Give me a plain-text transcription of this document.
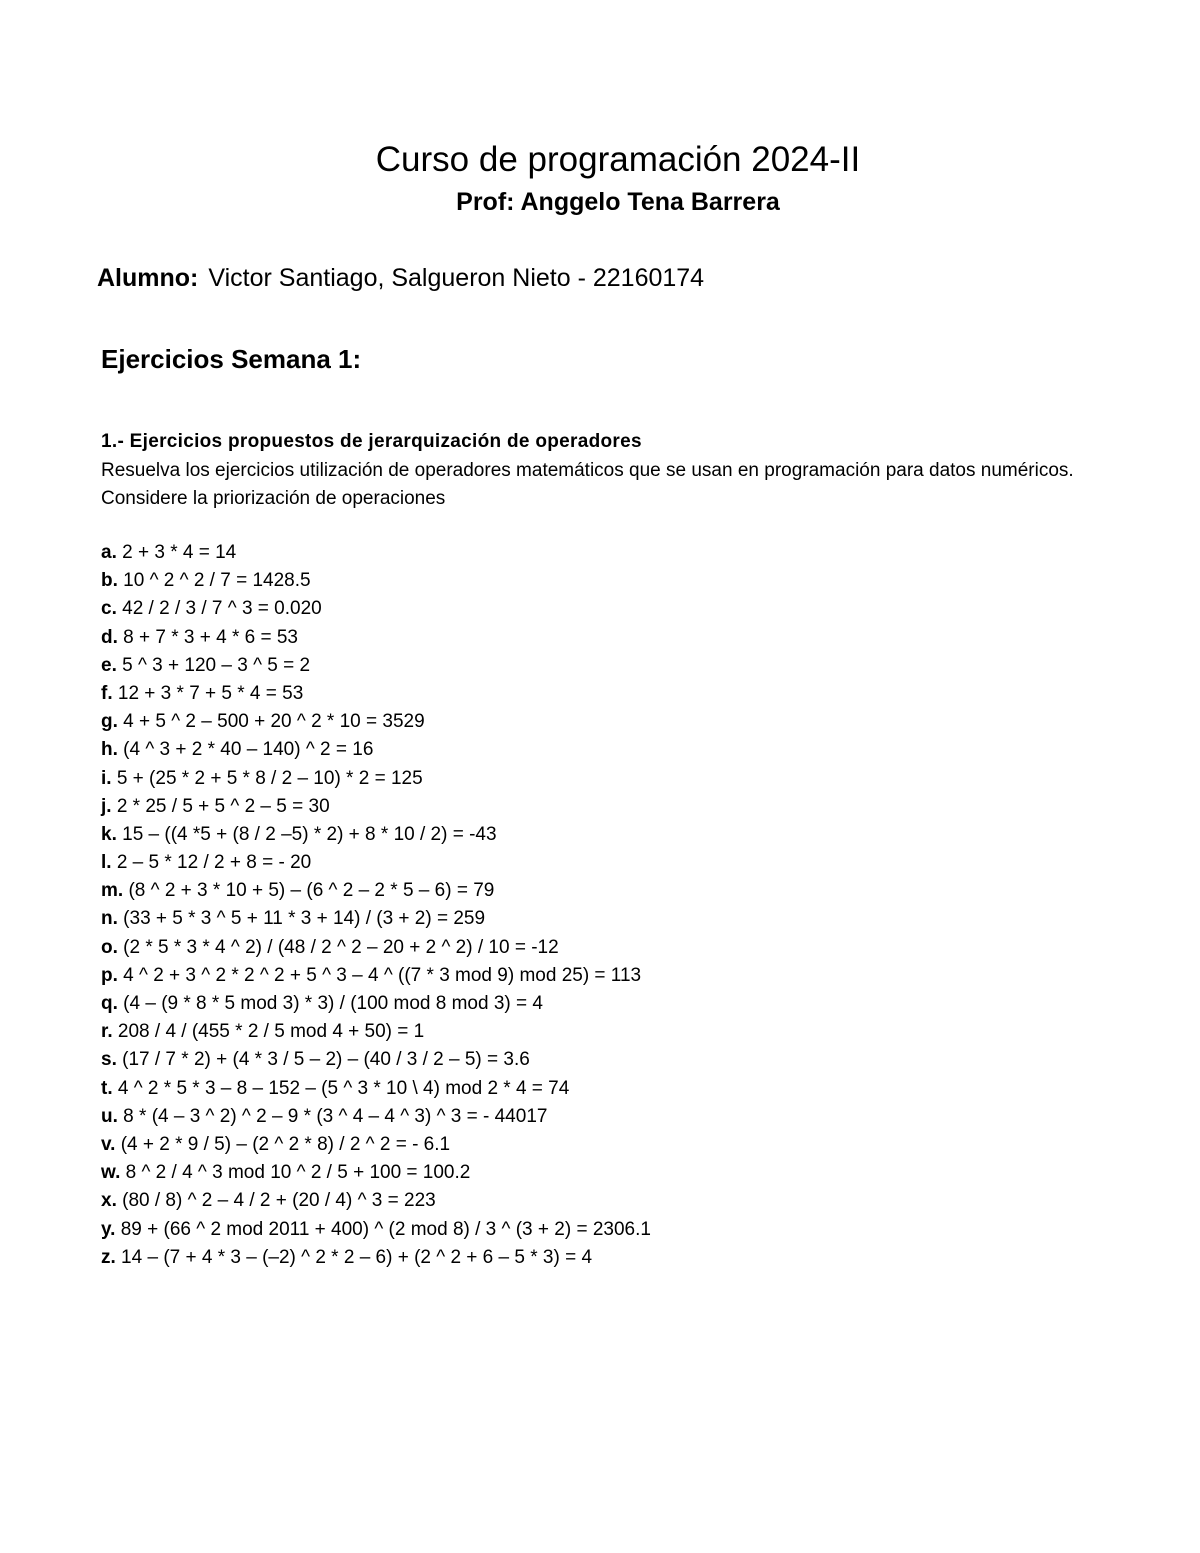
Curso de programación 2024-II
Prof: Anggelo Tena Barrera
Alumno: Victor Santiago, Salgueron Nieto - 22160174
Ejercicios Semana 1:
1.- Ejercicios propuestos de jerarquización de operadores

Resuelva los ejercicios utilización de operadores matemáticos que se usan en programación para datos numéricos. Considere la priorización de operaciones

a. 2 + 3 * 4 = 14
b. 10 ^ 2 ^ 2 / 7 = 1428.5
c. 42 / 2 / 3 / 7 ^ 3 = 0.020
d. 8 + 7 * 3 + 4 * 6 = 53
e. 5 ^ 3 + 120 – 3 ^ 5 = 2
f. 12 + 3 * 7 + 5 * 4 = 53
g. 4 + 5 ^ 2 – 500 + 20 ^ 2 * 10 = 3529
h. (4 ^ 3 + 2 * 40 – 140) ^ 2 = 16
i. 5 + (25 * 2 + 5 * 8 / 2 – 10) * 2 = 125
j. 2 * 25 / 5 + 5 ^ 2 – 5 = 30
k. 15 – ((4 *5 + (8 / 2 –5) * 2) + 8 * 10 / 2) = -43
l. 2 – 5 * 12 / 2 + 8 = - 20
m. (8 ^ 2 + 3 * 10 + 5) – (6 ^ 2 – 2 * 5 – 6) = 79
n. (33 + 5 * 3 ^ 5 + 11 * 3 + 14) / (3 + 2) = 259
o. (2 * 5 * 3 * 4 ^ 2) / (48 / 2 ^ 2 – 20 + 2 ^ 2) / 10 = -12
p. 4 ^ 2 + 3 ^ 2 * 2 ^ 2 + 5 ^ 3 – 4 ^ ((7 * 3 mod 9) mod 25) = 113
q. (4 – (9 * 8 * 5 mod 3) * 3) / (100 mod 8 mod 3) = 4
r. 208 / 4 / (455 * 2 / 5 mod 4 + 50) = 1
s. (17 / 7 * 2) + (4 * 3 / 5 – 2) – (40 / 3 / 2 – 5) = 3.6
t. 4 ^ 2 * 5 * 3 – 8 – 152 – (5 ^ 3 * 10 \ 4) mod 2 * 4 = 74
u. 8 * (4 – 3 ^ 2) ^ 2 – 9 * (3 ^ 4 – 4 ^ 3) ^ 3 = - 44017
v. (4 + 2 * 9 / 5) – (2 ^ 2 * 8) / 2 ^ 2 = - 6.1
w. 8 ^ 2 / 4 ^ 3 mod 10 ^ 2 / 5 + 100 = 100.2
x. (80 / 8) ^ 2 – 4 / 2 + (20 / 4) ^ 3 = 223
y. 89 + (66 ^ 2 mod 2011 + 400) ^ (2 mod 8) / 3 ^ (3 + 2) = 2306.1
z. 14 – (7 + 4 * 3 – (–2) ^ 2 * 2 – 6) + (2 ^ 2 + 6 – 5 * 3) = 4
